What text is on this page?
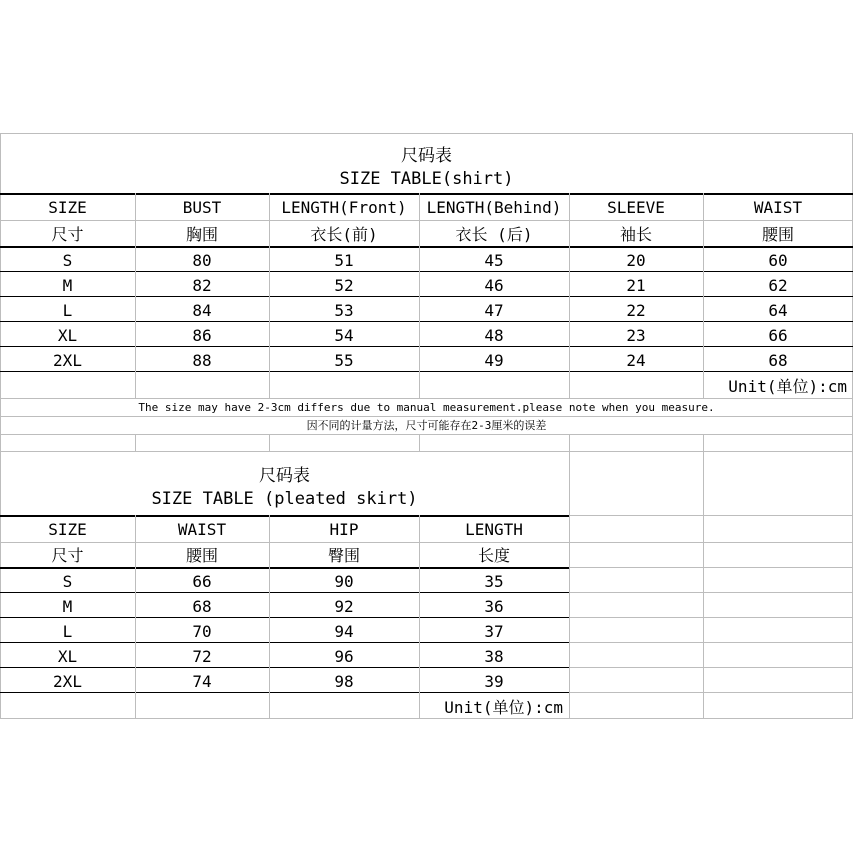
尺码表
SIZE TABLE(shirt)
SIZE	BUST	LENGTH(Front)	LENGTH(Behind)	SLEEVE	WAIST
尺寸	胸围	衣长(前)	衣长 (后)	袖长	腰围
S	80	51	45	20	60
M	82	52	46	21	62
L	84	53	47	22	64
XL	86	54	48	23	66
2XL	88	55	49	24	68
Unit(单位):cm
The size may have 2-3cm differs due to manual measurement.please note when you measure.
因不同的计量方法，尺寸可能存在2-3厘米的误差
尺码表
SIZE TABLE (pleated skirt)
SIZE	WAIST	HIP	LENGTH
尺寸	腰围	臀围	长度
S	66	90	35
M	68	92	36
L	70	94	37
XL	72	96	38
2XL	74	98	39
Unit(单位):cm
